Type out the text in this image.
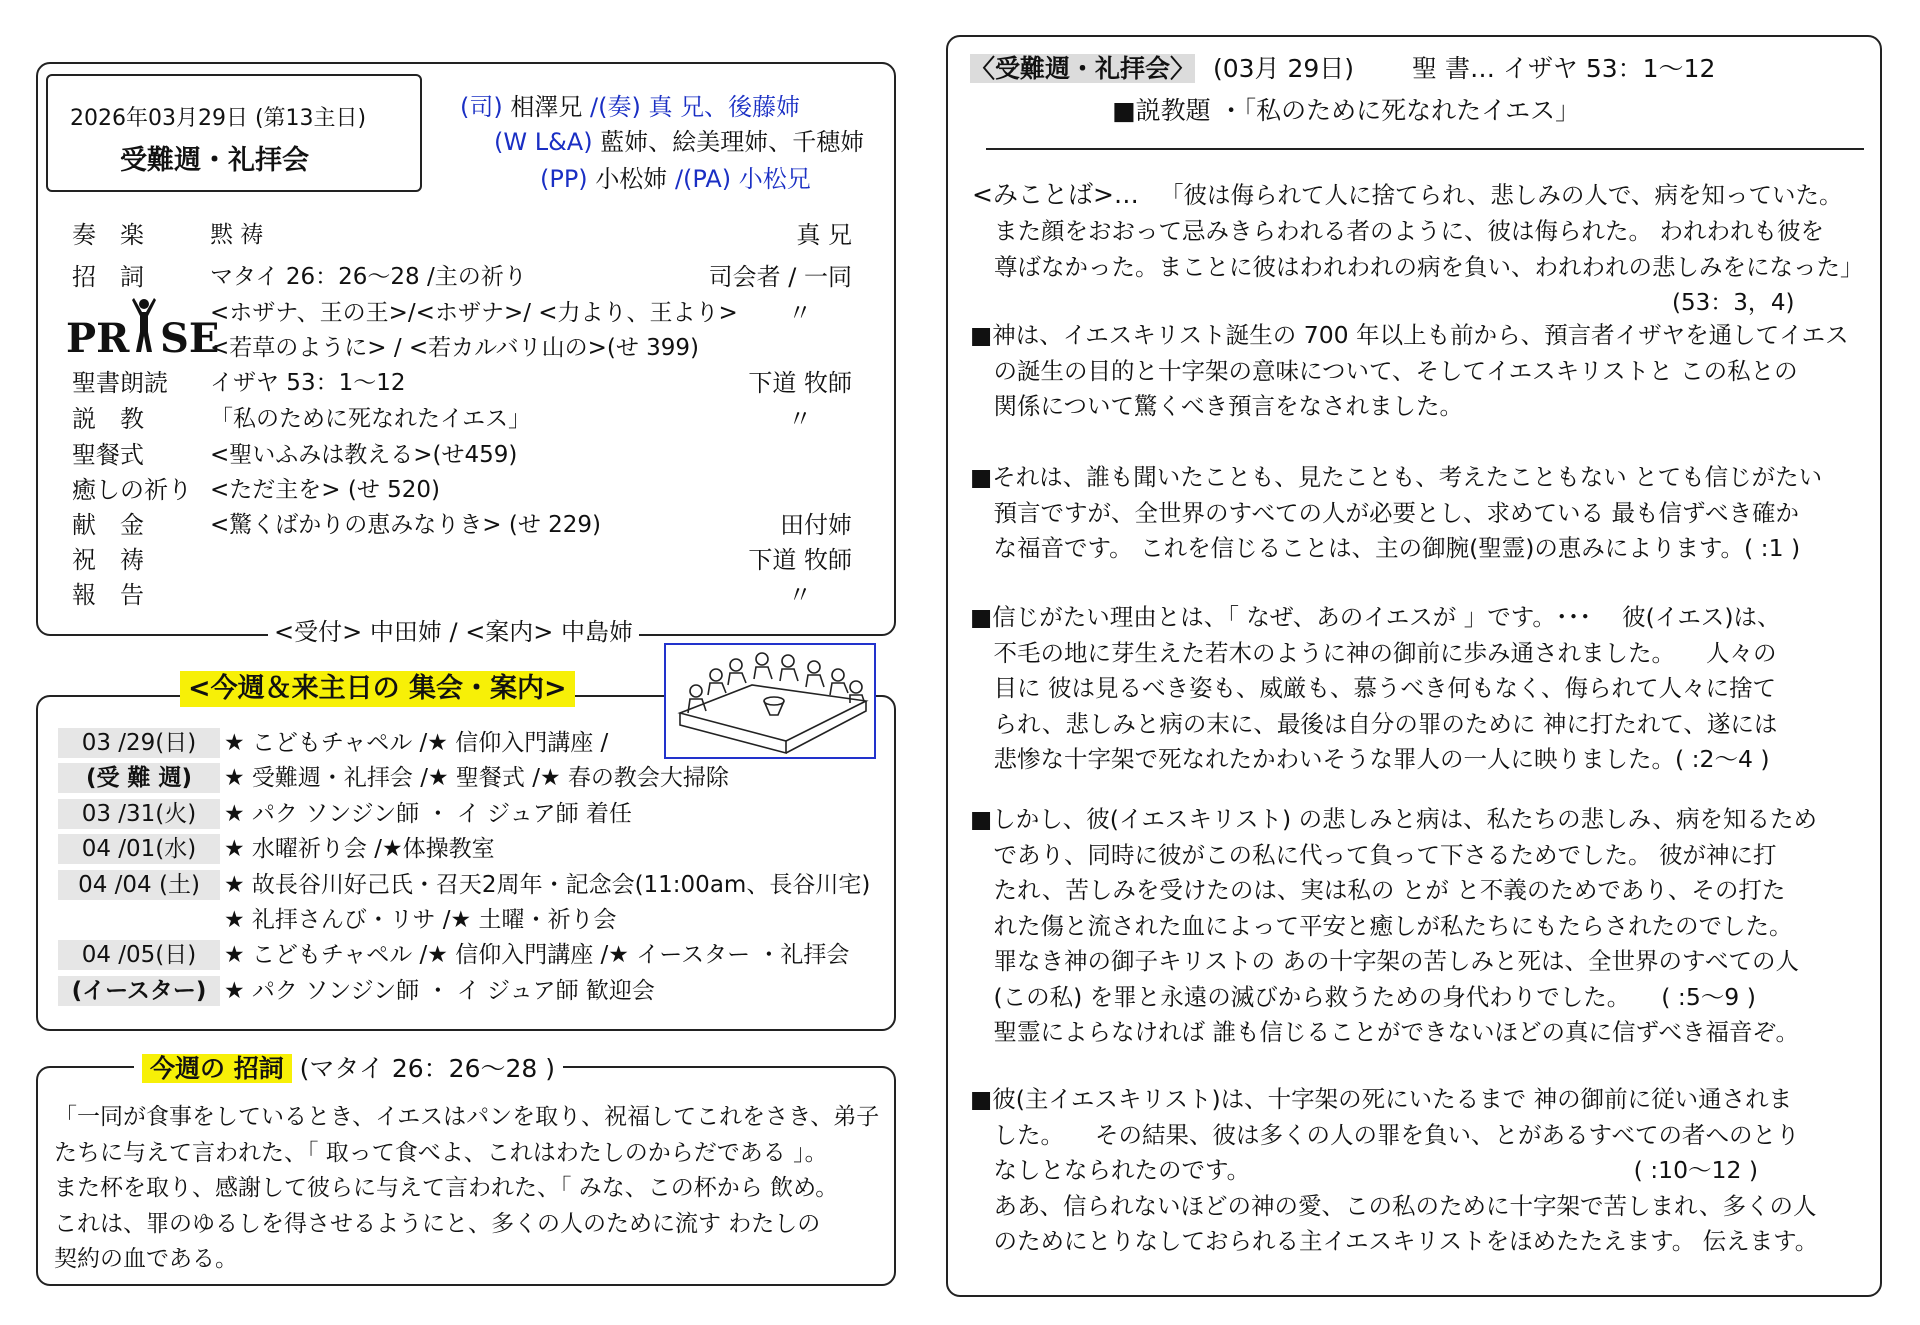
2026年03月29日 (第13主日)
受難週・礼拝会
(司) 相澤兄 /(奏) 真 兄、後藤姉
(W L&A) 藍姉、絵美理姉、千穂姉
(PP) 小松姉 /(PA) 小松兄
PR SE
奏　楽	黙 祷	真 兄
招　詞	マタイ 26：26〜28 /主の祈り	司会者 / 一同
<ホザナ、王の王>/<ホザナ>/ <力より、王より> 〃
<若草のように> / <若カルバリ山の>(せ 399)
聖書朗読 イザヤ 53：1〜12	下道 牧師
説　教	「私のために死なれたイエス」	〃
聖餐式	<聖いふみは教える>(せ459)
癒しの祈り <ただ主を> (せ 520)
献　金	<驚くばかりの恵みなりき> (せ 229)	田付姉
祝　祷	下道 牧師
報　告	〃
<受付> 中田姉 / <案内> 中島姉
<今週＆来主日の 集会・案内>
03 /29(日)	★ こどもチャペル /★ 信仰入門講座 /
(受 難 週)	★ 受難週・礼拝会 /★ 聖餐式 /★ 春の教会大掃除
03 /31(火)	★ パク ソンジン師 ・ イ ジュア師 着任
04 /01(水)	★ 水曜祈り会 /★体操教室
04 /04 (土)	★ 故長谷川好己氏・召天2周年・記念会(11:00am、長谷川宅)
★ 礼拝さんび・リサ /★ 土曜・祈り会
04 /05(日)	★ こどもチャペル /★ 信仰入門講座 /★ イースター ・礼拝会
(イースター) ★ パク ソンジン師 ・ イ ジュア師 歓迎会
今週の 招詞 (マタイ 26：26〜28 )
「一同が食事をしているとき、イエスはパンを取り、祝福してこれをさき、弟子
たちに与えて言われた、「 取って食べよ、これはわたしのからだである 」。
また杯を取り、感謝して彼らに与えて言われた、「 みな、この杯から 飲め。
これは、罪のゆるしを得させるようにと、多くの人のために流す わたしの
契約の血である。
〈受難週・礼拝会〉 (03月 29日) 聖 書… イザヤ 53：1〜12
■説教題 ・「私のために死なれたイエス」
<みことば>… 「彼は侮られて人に捨てられ、悲しみの人で、病を知っていた。
また顔をおおって忌みきらわれる者のように、彼は侮られた。 われわれも彼を
尊ばなかった。まことに彼はわれわれの病を負い、われわれの悲しみをになった」
(53：3，4)
■神は、イエスキリスト誕生の 700 年以上も前から、預言者イザヤを通してイエス
　の誕生の目的と十字架の意味について、そしてイエスキリストと この私との
　関係について驚くべき預言をなされました。
■それは、誰も聞いたことも、見たことも、考えたこともない とても信じがたい
　預言ですが、全世界のすべての人が必要とし、求めている 最も信ずべき確か
　な福音です。 これを信じることは、主の御腕(聖霊)の恵みによります。( :1 )
■信じがたい理由とは、「 なぜ、あのイエスが 」です。･･･ 　彼(イエス)は、
　不毛の地に芽生えた若木のように神の御前に歩み通されました。 　人々の
　目に 彼は見るべき姿も、威厳も、慕うべき何もなく、侮られて人々に捨て
　られ、悲しみと病の末に、最後は自分の罪のために 神に打たれて、遂には
　悲惨な十字架で死なれたかわいそうな罪人の一人に映りました。( :2〜4 )
■しかし、彼(イエスキリスト) の悲しみと病は、私たちの悲しみ、病を知るため
　であり、同時に彼がこの私に代って負って下さるためでした。 彼が神に打
　たれ、苦しみを受けたのは、実は私の とが と不義のためであり、その打た
　れた傷と流された血によって平安と癒しが私たちにもたらされたのでした。
　罪なき神の御子キリストの あの十字架の苦しみと死は、全世界のすべての人
　(この私) を罪と永遠の滅びから救うための身代わりでした。 　( :5〜9 )
　聖霊によらなければ 誰も信じることができないほどの真に信ずべき福音ぞ。
■彼(主イエスキリスト)は、十字架の死にいたるまで 神の御前に従い通されま
　した。 　その結果、彼は多くの人の罪を負い、とがあるすべての者へのとり
　なしとなられたのです。 　　　　　　　　　　　　　　　　( :10〜12 )
　ああ、信られないほどの神の愛、この私のために十字架で苦しまれ、多くの人
　のためにとりなしておられる主イエスキリストをほめたたえます。 伝えます。
